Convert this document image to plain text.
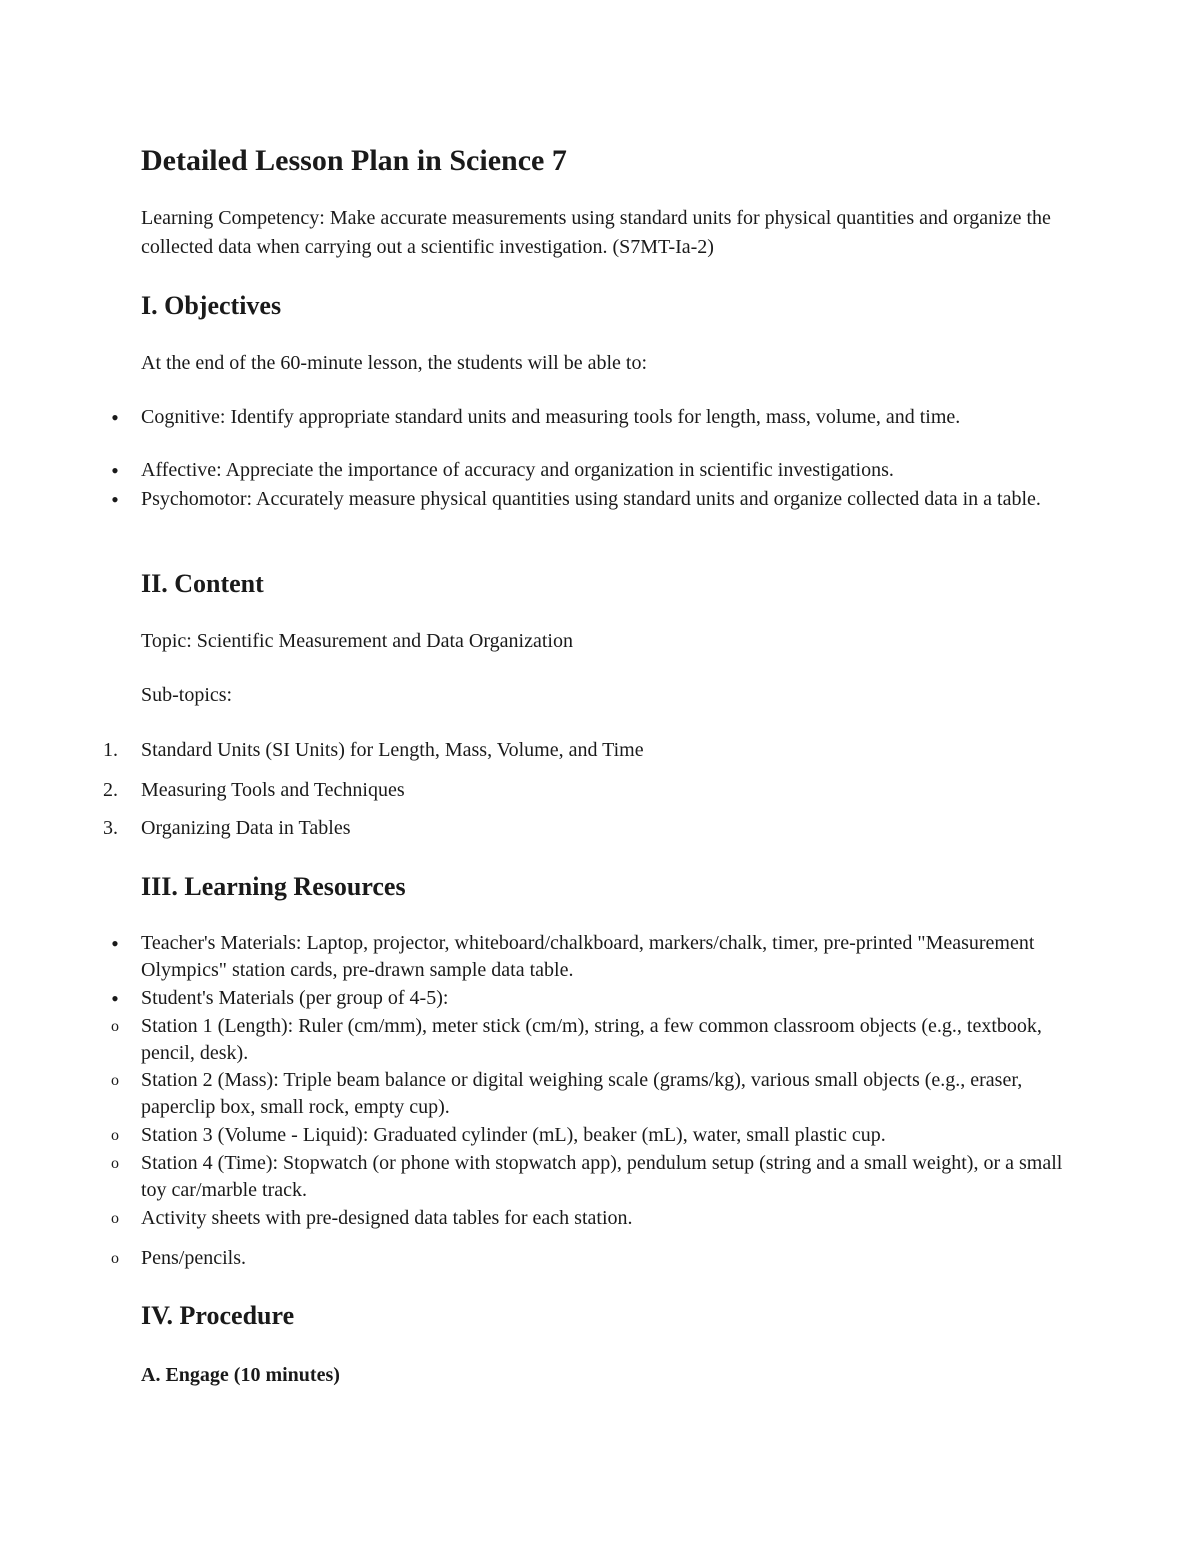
Detailed Lesson Plan in Science 7

Learning Competency: Make accurate measurements using standard units for physical quantities and organize the collected data when carrying out a scientific investigation. (S7MT-Ia-2)

I. Objectives

At the end of the 60-minute lesson, the students will be able to:

•	Cognitive: Identify appropriate standard units and measuring tools for length, mass, volume, and time.
•	Affective: Appreciate the importance of accuracy and organization in scientific investigations.
•	Psychomotor: Accurately measure physical quantities using standard units and organize collected data in a table.
II. Content

Topic: Scientific Measurement and Data Organization

Sub-topics:

1. Standard Units (SI Units) for Length, Mass, Volume, and Time
2. Measuring Tools and Techniques
3. Organizing Data in Tables
III. Learning Resources
•	Teacher's Materials: Laptop, projector, whiteboard/chalkboard, markers/chalk, timer, pre-printed "Measurement Olympics" station cards, pre-drawn sample data table.
•	Student's Materials (per group of 4-5):
o	Station 1 (Length): Ruler (cm/mm), meter stick (cm/m), string, a few common classroom objects (e.g., textbook, pencil, desk).
o	Station 2 (Mass): Triple beam balance or digital weighing scale (grams/kg), various small objects (e.g., eraser, paperclip box, small rock, empty cup).
o	Station 3 (Volume - Liquid): Graduated cylinder (mL), beaker (mL), water, small plastic cup.
o	Station 4 (Time): Stopwatch (or phone with stopwatch app), pendulum setup (string and a small weight), or a small toy car/marble track.
o	Activity sheets with pre-designed data tables for each station.
o	Pens/pencils.
IV. Procedure
A. Engage (10 minutes)
